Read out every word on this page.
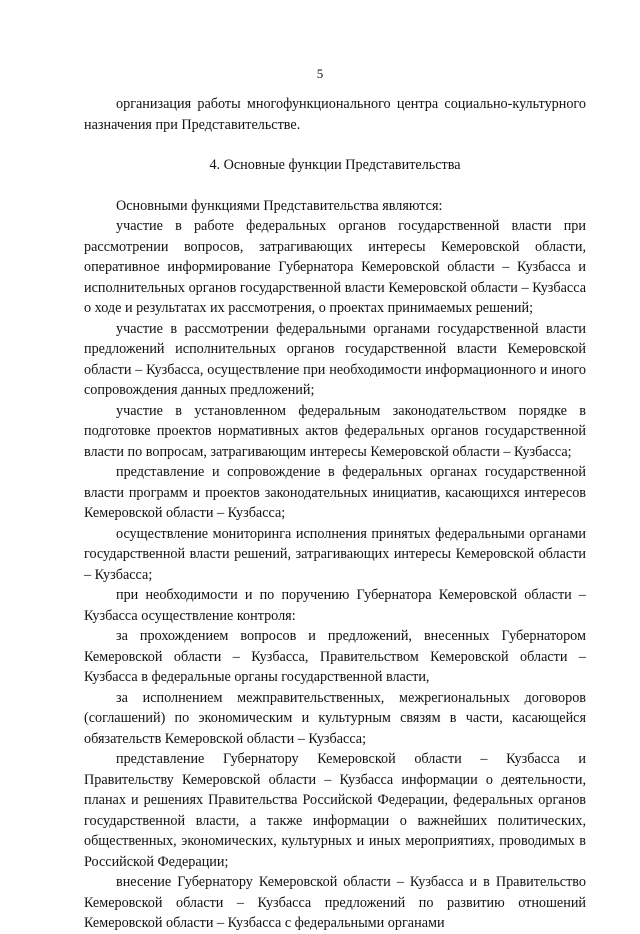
5

организация работы многофункционального центра социально-культурного назначения при Представительстве.

4. Основные функции Представительства

Основными функциями Представительства являются:

участие в работе федеральных органов государственной власти при рассмотрении вопросов, затрагивающих интересы Кемеровской области, оперативное информирование Губернатора Кемеровской области – Кузбасса и исполнительных органов государственной власти Кемеровской области – Кузбасса о ходе и результатах их рассмотрения, о проектах принимаемых решений;

участие в рассмотрении федеральными органами государственной власти предложений исполнительных органов государственной власти Кемеровской области – Кузбасса, осуществление при необходимости информационного и иного сопровождения данных предложений;

участие в установленном федеральным законодательством порядке в подготовке проектов нормативных актов федеральных органов государственной власти по вопросам, затрагивающим интересы Кемеровской области – Кузбасса;

представление и сопровождение в федеральных органах государственной власти программ и проектов законодательных инициатив, касающихся интересов Кемеровской области – Кузбасса;

осуществление мониторинга исполнения принятых федеральными органами государственной власти решений, затрагивающих интересы Кемеровской области – Кузбасса;

при необходимости и по поручению Губернатора Кемеровской области – Кузбасса осуществление контроля:

за прохождением вопросов и предложений, внесенных Губернатором Кемеровской области – Кузбасса, Правительством Кемеровской области – Кузбасса в федеральные органы государственной власти,

за исполнением межправительственных, межрегиональных договоров (соглашений) по экономическим и культурным связям в части, касающейся обязательств Кемеровской области – Кузбасса;

представление Губернатору Кемеровской области – Кузбасса и Правительству Кемеровской области – Кузбасса информации о деятельности, планах и решениях Правительства Российской Федерации, федеральных органов государственной власти, а также информации о важнейших политических, общественных, экономических, культурных и иных мероприятиях, проводимых в Российской Федерации;

внесение Губернатору Кемеровской области – Кузбасса и в Правительство Кемеровской области – Кузбасса предложений по развитию отношений Кемеровской области – Кузбасса с федеральными органами
